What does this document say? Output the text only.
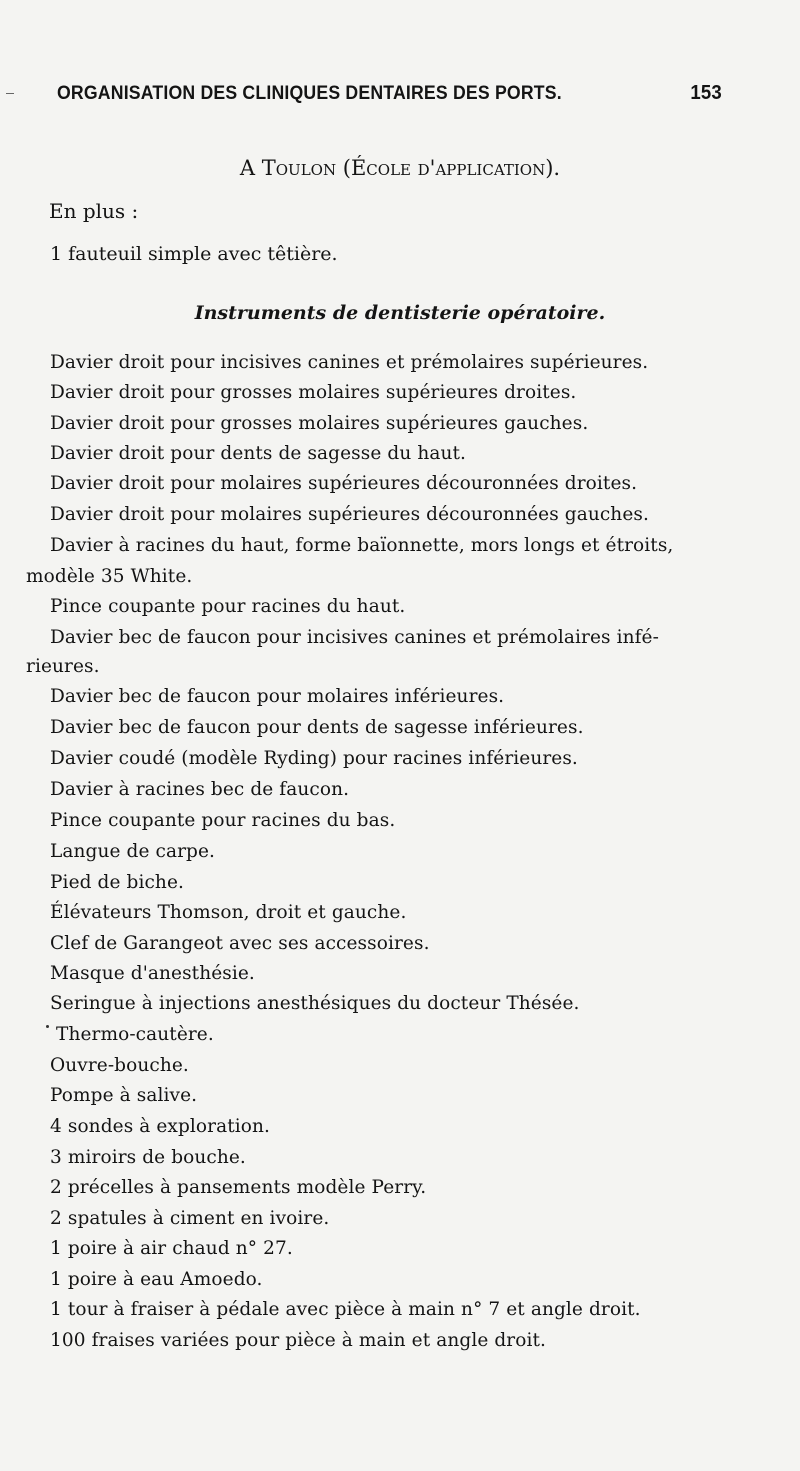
ORGANISATION DES CLINIQUES DENTAIRES DES PORTS.	153
A Toulon (École d'application).
En plus :
1 fauteuil simple avec têtière.
Instruments de dentisterie opératoire.
Davier droit pour incisives canines et prémolaires supérieures.
Davier droit pour grosses molaires supérieures droites.
Davier droit pour grosses molaires supérieures gauches.
Davier droit pour dents de sagesse du haut.
Davier droit pour molaires supérieures découronnées droites.
Davier droit pour molaires supérieures découronnées gauches.
Davier à racines du haut, forme baïonnette, mors longs et étroits,
modèle 35 White.
Pince coupante pour racines du haut.
Davier bec de faucon pour incisives canines et prémolaires infé-
rieures.
Davier bec de faucon pour molaires inférieures.
Davier bec de faucon pour dents de sagesse inférieures.
Davier coudé (modèle Ryding) pour racines inférieures.
Davier à racines bec de faucon.
Pince coupante pour racines du bas.
Langue de carpe.
Pied de biche.
Élévateurs Thomson, droit et gauche.
Clef de Garangeot avec ses accessoires.
Masque d'anesthésie.
Seringue à injections anesthésiques du docteur Thésée.
Thermo-cautère.
Ouvre-bouche.
Pompe à salive.
4 sondes à exploration.
3 miroirs de bouche.
2 précelles à pansements modèle Perry.
2 spatules à ciment en ivoire.
1 poire à air chaud n° 27.
1 poire à eau Amoedo.
1 tour à fraiser à pédale avec pièce à main n° 7 et angle droit.
100 fraises variées pour pièce à main et angle droit.
